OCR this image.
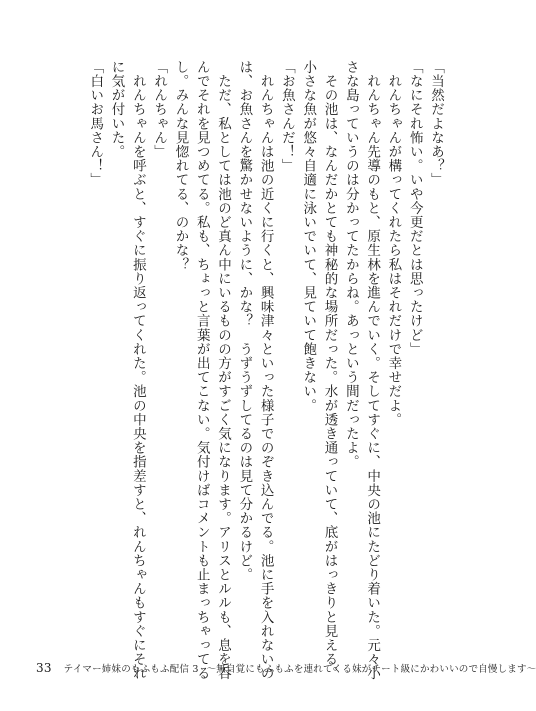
「当然だよなあ？」
「なにそれ怖い。いや今更だとは思ったけど」
　れんちゃんが構ってくれたら私はそれだけで幸せだよ。
　れんちゃん先導のもと、原生林を進んでいく。そしてすぐに、中央の池にたどり着いた。元々小
さな島っていうのは分かってたからね。あっという間だったよ。
　その池は、なんだかとても神秘的な場所だった。水が透き通っていて、底がはっきりと見える。
小さな魚が悠々自適に泳いでいて、見ていて飽きない。
「お魚さんだ！」
　れんちゃんは池の近くに行くと、興味津々といった様子でのぞき込んでる。池に手を入れないの
は、お魚さんを驚かせないように、かな？　うずうずしてるのは見て分かるけど。
　ただ、私としては池のど真ん中にいるものの方がすごく気になります。アリスとルルも、息を呑
んでそれを見つめてる。私も、ちょっと言葉が出てこない。気付けばコメントも止まっちゃってる
し。みんな見惚れてる、のかな？
「れんちゃん」
　れんちゃんを呼ぶと、すぐに振り返ってくれた。池の中央を指差すと、れんちゃんもすぐにそれ
に気が付いた。
「白いお馬さん！」
33 テイマー姉妹のもふもふ配信 3 〜無自覚にもふもふを連れてくる妹がチート級にかわいいので自慢します〜
